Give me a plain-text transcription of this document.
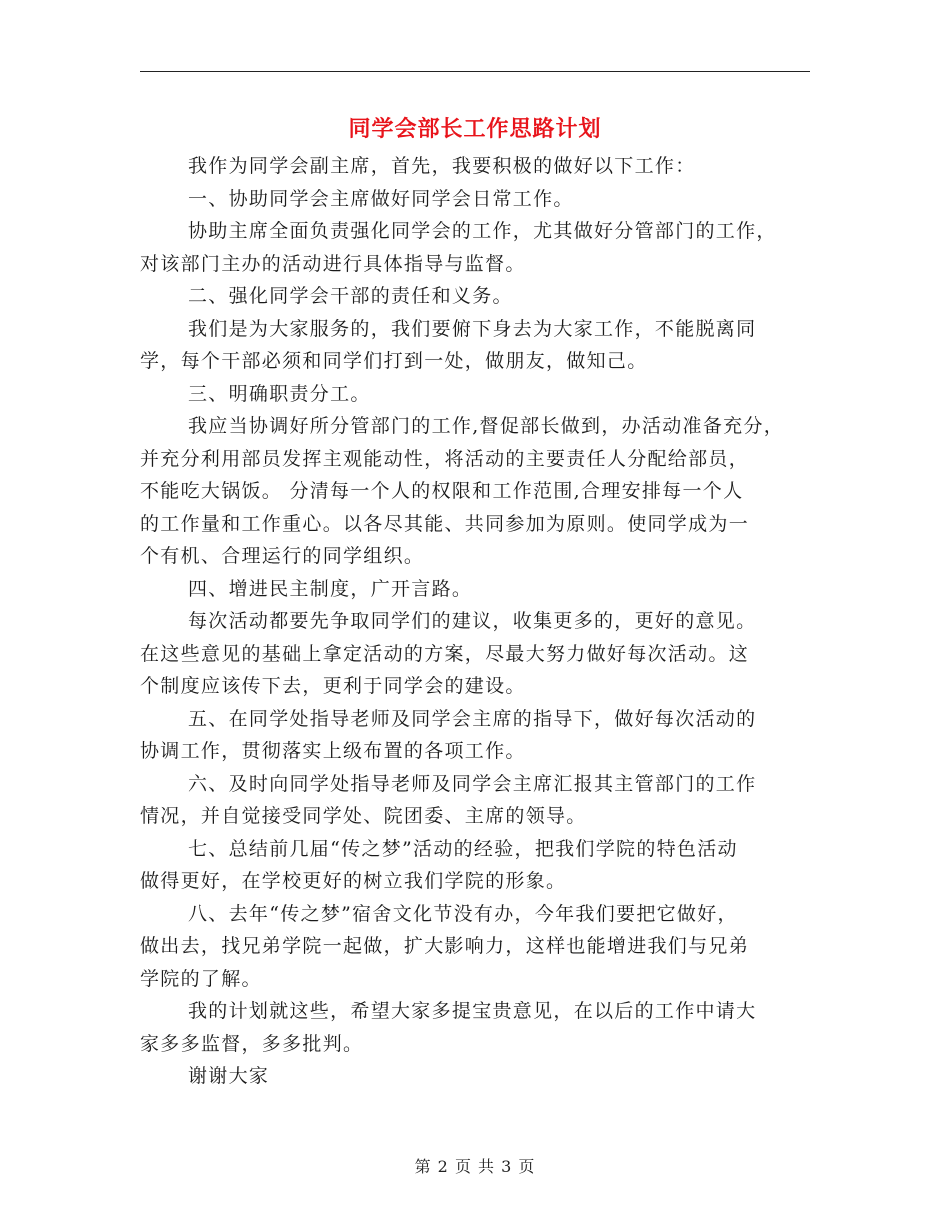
同学会部长工作思路计划
我作为同学会副主席，首先，我要积极的做好以下工作：
一、协助同学会主席做好同学会日常工作。
协助主席全面负责强化同学会的工作，尤其做好分管部门的工作，
对该部门主办的活动进行具体指导与监督。
二、强化同学会干部的责任和义务。
我们是为大家服务的，我们要俯下身去为大家工作，不能脱离同
学，每个干部必须和同学们打到一处，做朋友，做知己。
三、明确职责分工。
我应当协调好所分管部门的工作,督促部长做到，办活动准备充分，
并充分利用部员发挥主观能动性，将活动的主要责任人分配给部员，
不能吃大锅饭。 分清每一个人的权限和工作范围,合理安排每一个人
的工作量和工作重心。以各尽其能、共同参加为原则。使同学成为一
个有机、合理运行的同学组织。
四、增进民主制度，广开言路。
每次活动都要先争取同学们的建议，收集更多的，更好的意见。
在这些意见的基础上拿定活动的方案，尽最大努力做好每次活动。这
个制度应该传下去，更利于同学会的建设。
五、在同学处指导老师及同学会主席的指导下，做好每次活动的
协调工作，贯彻落实上级布置的各项工作。
六、及时向同学处指导老师及同学会主席汇报其主管部门的工作
情况，并自觉接受同学处、院团委、主席的领导。
七、总结前几届“传之梦”活动的经验，把我们学院的特色活动
做得更好，在学校更好的树立我们学院的形象。
八、去年“传之梦”宿舍文化节没有办，今年我们要把它做好，
做出去，找兄弟学院一起做，扩大影响力，这样也能增进我们与兄弟
学院的了解。
我的计划就这些，希望大家多提宝贵意见，在以后的工作中请大
家多多监督，多多批判。
谢谢大家
第 2 页 共 3 页
